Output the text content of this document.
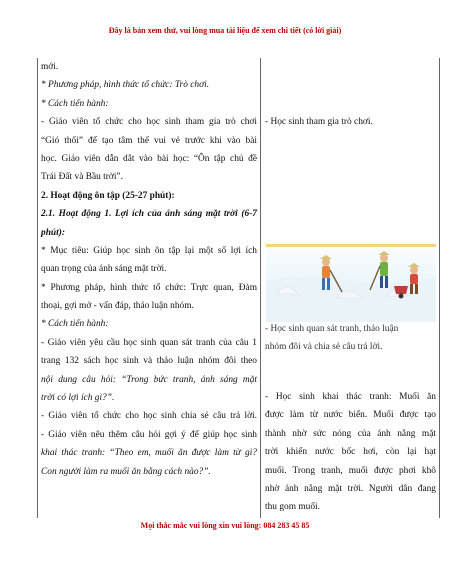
Đây là bản xem thử, vui lòng mua tài liệu để xem chi tiết (có lời giải)
mới.
* Phương pháp, hình thức tổ chức: Trò chơi.
* Cách tiến hành:
- Giáo viên tổ chức cho học sinh tham gia trò chơi
“Gió thổi” để tạo tâm thế vui vẻ trước khi vào bài
học. Giáo viên dẫn dắt vào bài học: “Ôn tập chủ đề
Trái Đất và Bầu trời”.
2. Hoạt động ôn tập (25-27 phút):
2.1. Hoạt động 1. Lợi ích của ánh sáng mặt trời (6-7
phút):
* Mục tiêu: Giúp học sinh ôn tập lại một số lợi ích
quan trọng của ánh sáng mặt trời.
* Phương pháp, hình thức tổ chức: Trực quan, Đàm
thoại, gợi mở - vấn đáp, thảo luận nhóm.
* Cách tiến hành:
- Giáo viên yêu cầu học sinh quan sát tranh của câu 1
trang 132 sách học sinh và thảo luận nhóm đôi theo
nội dung câu hỏi: “Trong bức tranh, ánh sáng mặt
trời có lợi ích gì?”.
- Giáo viên tổ chức cho học sinh chia sẻ câu trả lời.
- Giáo viên nêu thêm câu hỏi gợi ý để giúp học sinh
khai thác tranh: “Theo em, muối ăn được làm từ gì?
Con người làm ra muối ăn bằng cách nào?”.
- Học sinh tham gia trò chơi.
- Học sinh quan sát tranh, thảo luận
nhóm đôi và chia sẻ câu trả lời.
- Học sinh khai thác tranh: Muối ăn
được làm từ nước biển. Muối được tạo
thành nhờ sức nóng của ánh nắng mặt
trời khiến nước bốc hơi, còn lại hạt
muối. Trong tranh, muối được phơi khô
nhờ ánh nắng mặt trời. Người dân đang
thu gom muối.
Mọi thắc mắc vui lòng xin vui lòng: 084 283 45 85
